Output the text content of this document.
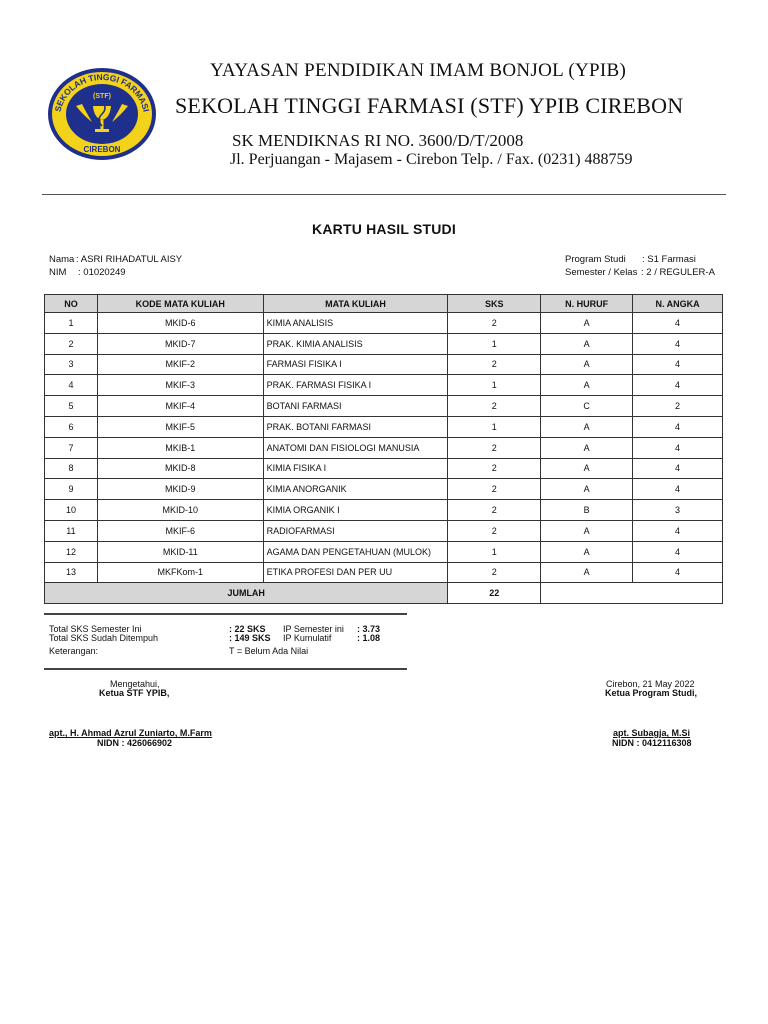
SEKOLAH TINGGI FARMASI
(STF)
CIREBON
YAYASAN PENDIDIKAN IMAM BONJOL (YPIB)
SEKOLAH TINGGI FARMASI (STF) YPIB CIREBON
SK MENDIKNAS RI NO. 3600/D/T/2008
Jl. Perjuangan - Majasem - Cirebon Telp. / Fax. (0231) 488759
KARTU HASIL STUDI
Nama : ASRI RIHADATUL AISY
NIM : 01020249
Program Studi : S1 Farmasi
Semester / Kelas : 2 / REGULER-A
NO	KODE MATA KULIAH	MATA KULIAH	SKS	N. HURUF	N. ANGKA
1	MKID-6	KIMIA ANALISIS	2	A	4
2	MKID-7	PRAK. KIMIA ANALISIS	1	A	4
3	MKIF-2	FARMASI FISIKA I	2	A	4
4	MKIF-3	PRAK. FARMASI FISIKA I	1	A	4
5	MKIF-4	BOTANI FARMASI	2	C	2
6	MKIF-5	PRAK. BOTANI FARMASI	1	A	4
7	MKIB-1	ANATOMI DAN FISIOLOGI MANUSIA	2	A	4
8	MKID-8	KIMIA FISIKA I	2	A	4
9	MKID-9	KIMIA ANORGANIK	2	A	4
10	MKID-10	KIMIA ORGANIK I	2	B	3
11	MKIF-6	RADIOFARMASI	2	A	4
12	MKID-11	AGAMA DAN PENGETAHUAN (MULOK)	1	A	4
13	MKFKom-1	ETIKA PROFESI DAN PER UU	2	A	4
JUMLAH			22		
Total SKS Semester Ini	: 22 SKS IP Semester ini : 3.73
Total SKS Sudah Ditempuh	: 149 SKS IP Kumulatif	: 1.08
Keterangan:	T = Belum Ada Nilai
Mengetahui,
Ketua STF YPIB,
apt., H. Ahmad Azrul Zuniarto, M.Farm
NIDN : 426066902
Cirebon, 21 May 2022
Ketua Program Studi,
apt. Subagja, M.Si
NIDN : 0412116308
